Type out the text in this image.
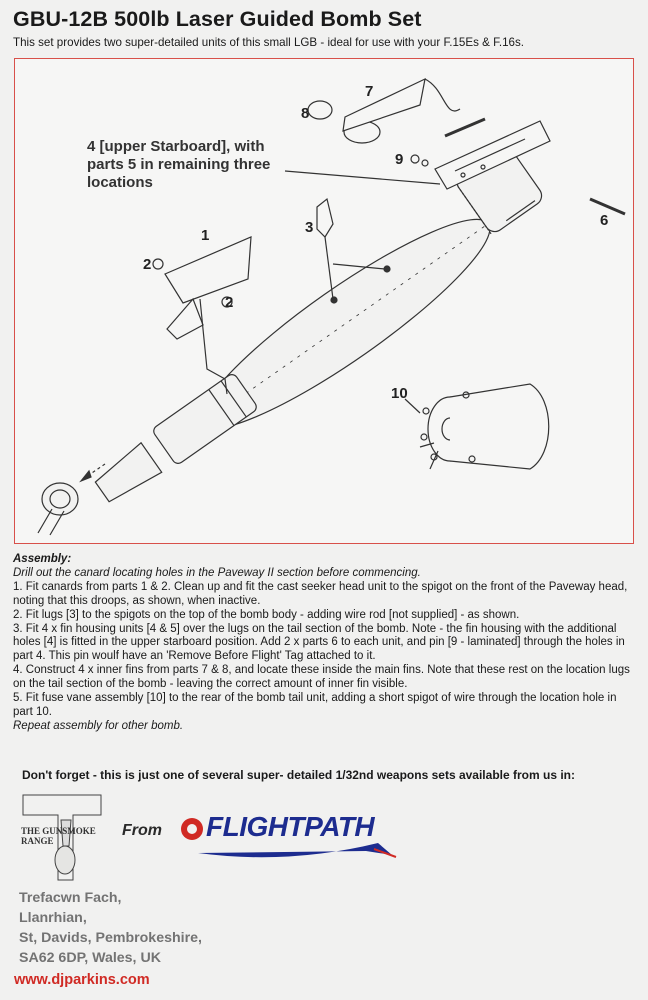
GBU-12B 500lb Laser Guided Bomb Set
This set provides two super-detailed units of this small LGB - ideal for use with your F.15Es & F.16s.
4 [upper Starboard], with
parts 5 in remaining three
locations
1
2
2
3	6
7
8
9
10

Assembly:

Drill out the canard locating holes in the Paveway II section before commencing.

1. Fit canards from parts 1 & 2. Clean up and fit the cast seeker head unit to the spigot on the front of the Paveway head, noting that this droops, as shown, when inactive.

2. Fit lugs [3] to the spigots on the top of the bomb body - adding wire rod [not supplied] - as shown.

3. Fit 4 x fin housing units [4 & 5] over the lugs on the tail section of the bomb. Note - the fin housing with the additional holes [4] is fitted in the upper starboard position. Add 2 x parts 6 to each unit, and pin [9 - laminated] through the holes in part 4. This pin woulf have an 'Remove Before Flight' Tag attached to it.

4. Construct 4 x inner fins from parts 7 & 8, and locate these inside the main fins. Note that these rest on the location lugs on the tail section of the bomb - leaving the correct amount of inner fin visible.

5. Fit fuse vane assembly [10] to the rear of the bomb tail unit, adding a short spigot of wire through the location hole in part 10.

Repeat assembly for other bomb.

Don't forget - this is just one of several super- detailed 1/32nd weapons sets available from us in:
THE GUNSMOKE RANGE
From FLIGHTPATH
Trefacwn Fach,
Llanrhian,
St, Davids, Pembrokeshire,
SA62 6DP, Wales, UK
www.djparkins.com
